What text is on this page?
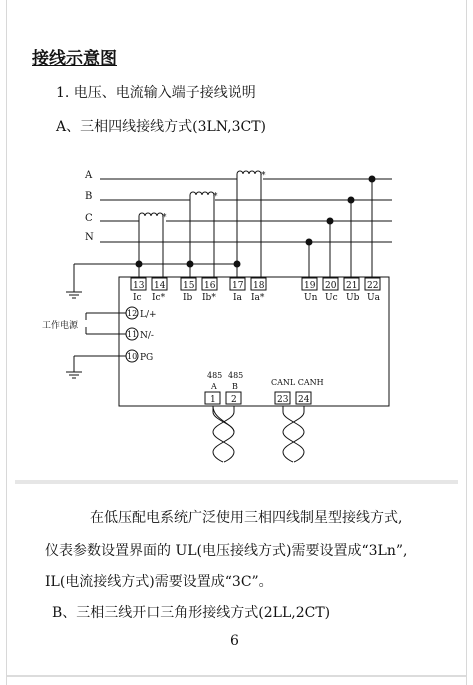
接线示意图
1. 电压、电流输入端子接线说明
A、三相四线接线方式(3LN,3CT)
A
B
C
N
*
*
*
13 14 15 16 17 18
Ic Ic* Ib Ib* Ia Ia*
19 20 21 22
Un Uc Ub Ua
12
11
10
L/+
N/-
PG
工作电源
485 485
A B
1 2
CANL CANH
23 24
在低压配电系统广泛使用三相四线制星型接线方式,
仪表参数设置界面的 UL(电压接线方式)需要设置成“3Ln”,
IL(电流接线方式)需要设置成“3C”。
B、三相三线开口三角形接线方式(2LL,2CT)
6
